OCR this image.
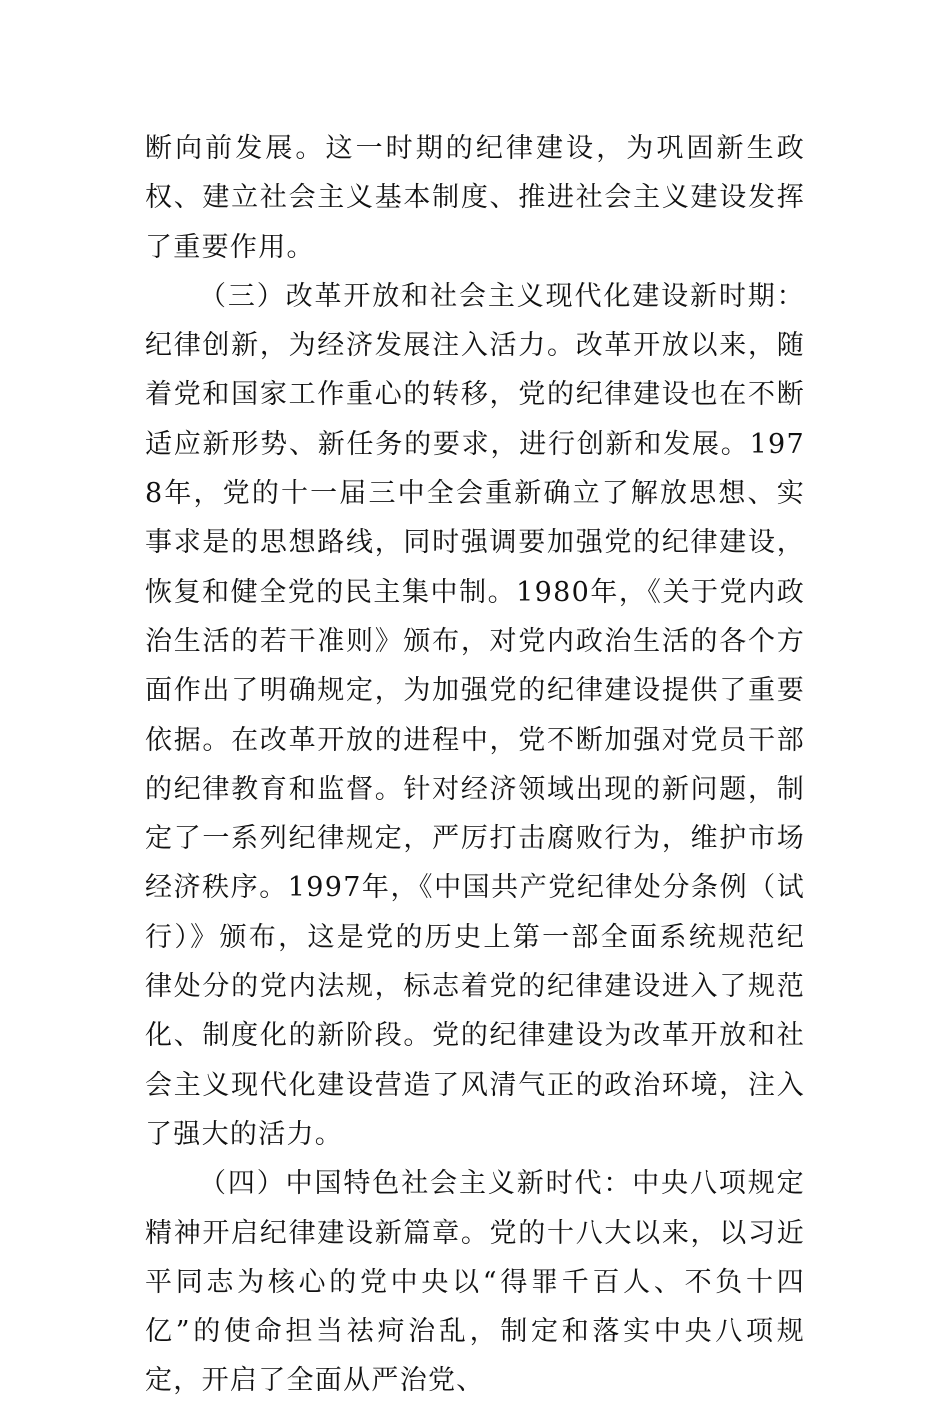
断向前发展。这一时期的纪律建设，为巩固新生政权、建立社会主义基本制度、推进社会主义建设发挥了重要作用。

（三）改革开放和社会主义现代化建设新时期：纪律创新，为经济发展注入活力。改革开放以来，随着党和国家工作重心的转移，党的纪律建设也在不断适应新形势、新任务的要求，进行创新和发展。1978年，党的十一届三中全会重新确立了解放思想、实事求是的思想路线，同时强调要加强党的纪律建设，恢复和健全党的民主集中制。1980年，《关于党内政治生活的若干准则》颁布，对党内政治生活的各个方面作出了明确规定，为加强党的纪律建设提供了重要依据。在改革开放的进程中，党不断加强对党员干部的纪律教育和监督。针对经济领域出现的新问题，制定了一系列纪律规定，严厉打击腐败行为，维护市场经济秩序。1997年，《中国共产党纪律处分条例（试行）》颁布，这是党的历史上第一部全面系统规范纪律处分的党内法规，标志着党的纪律建设进入了规范化、制度化的新阶段。党的纪律建设为改革开放和社会主义现代化建设营造了风清气正的政治环境，注入了强大的活力。

（四）中国特色社会主义新时代：中央八项规定精神开启纪律建设新篇章。党的十八大以来，以习近平同志为核心的党中央以“得罪千百人、不负十四亿”的使命担当祛疴治乱，制定和落实中央八项规定，开启了全面从严治党、
